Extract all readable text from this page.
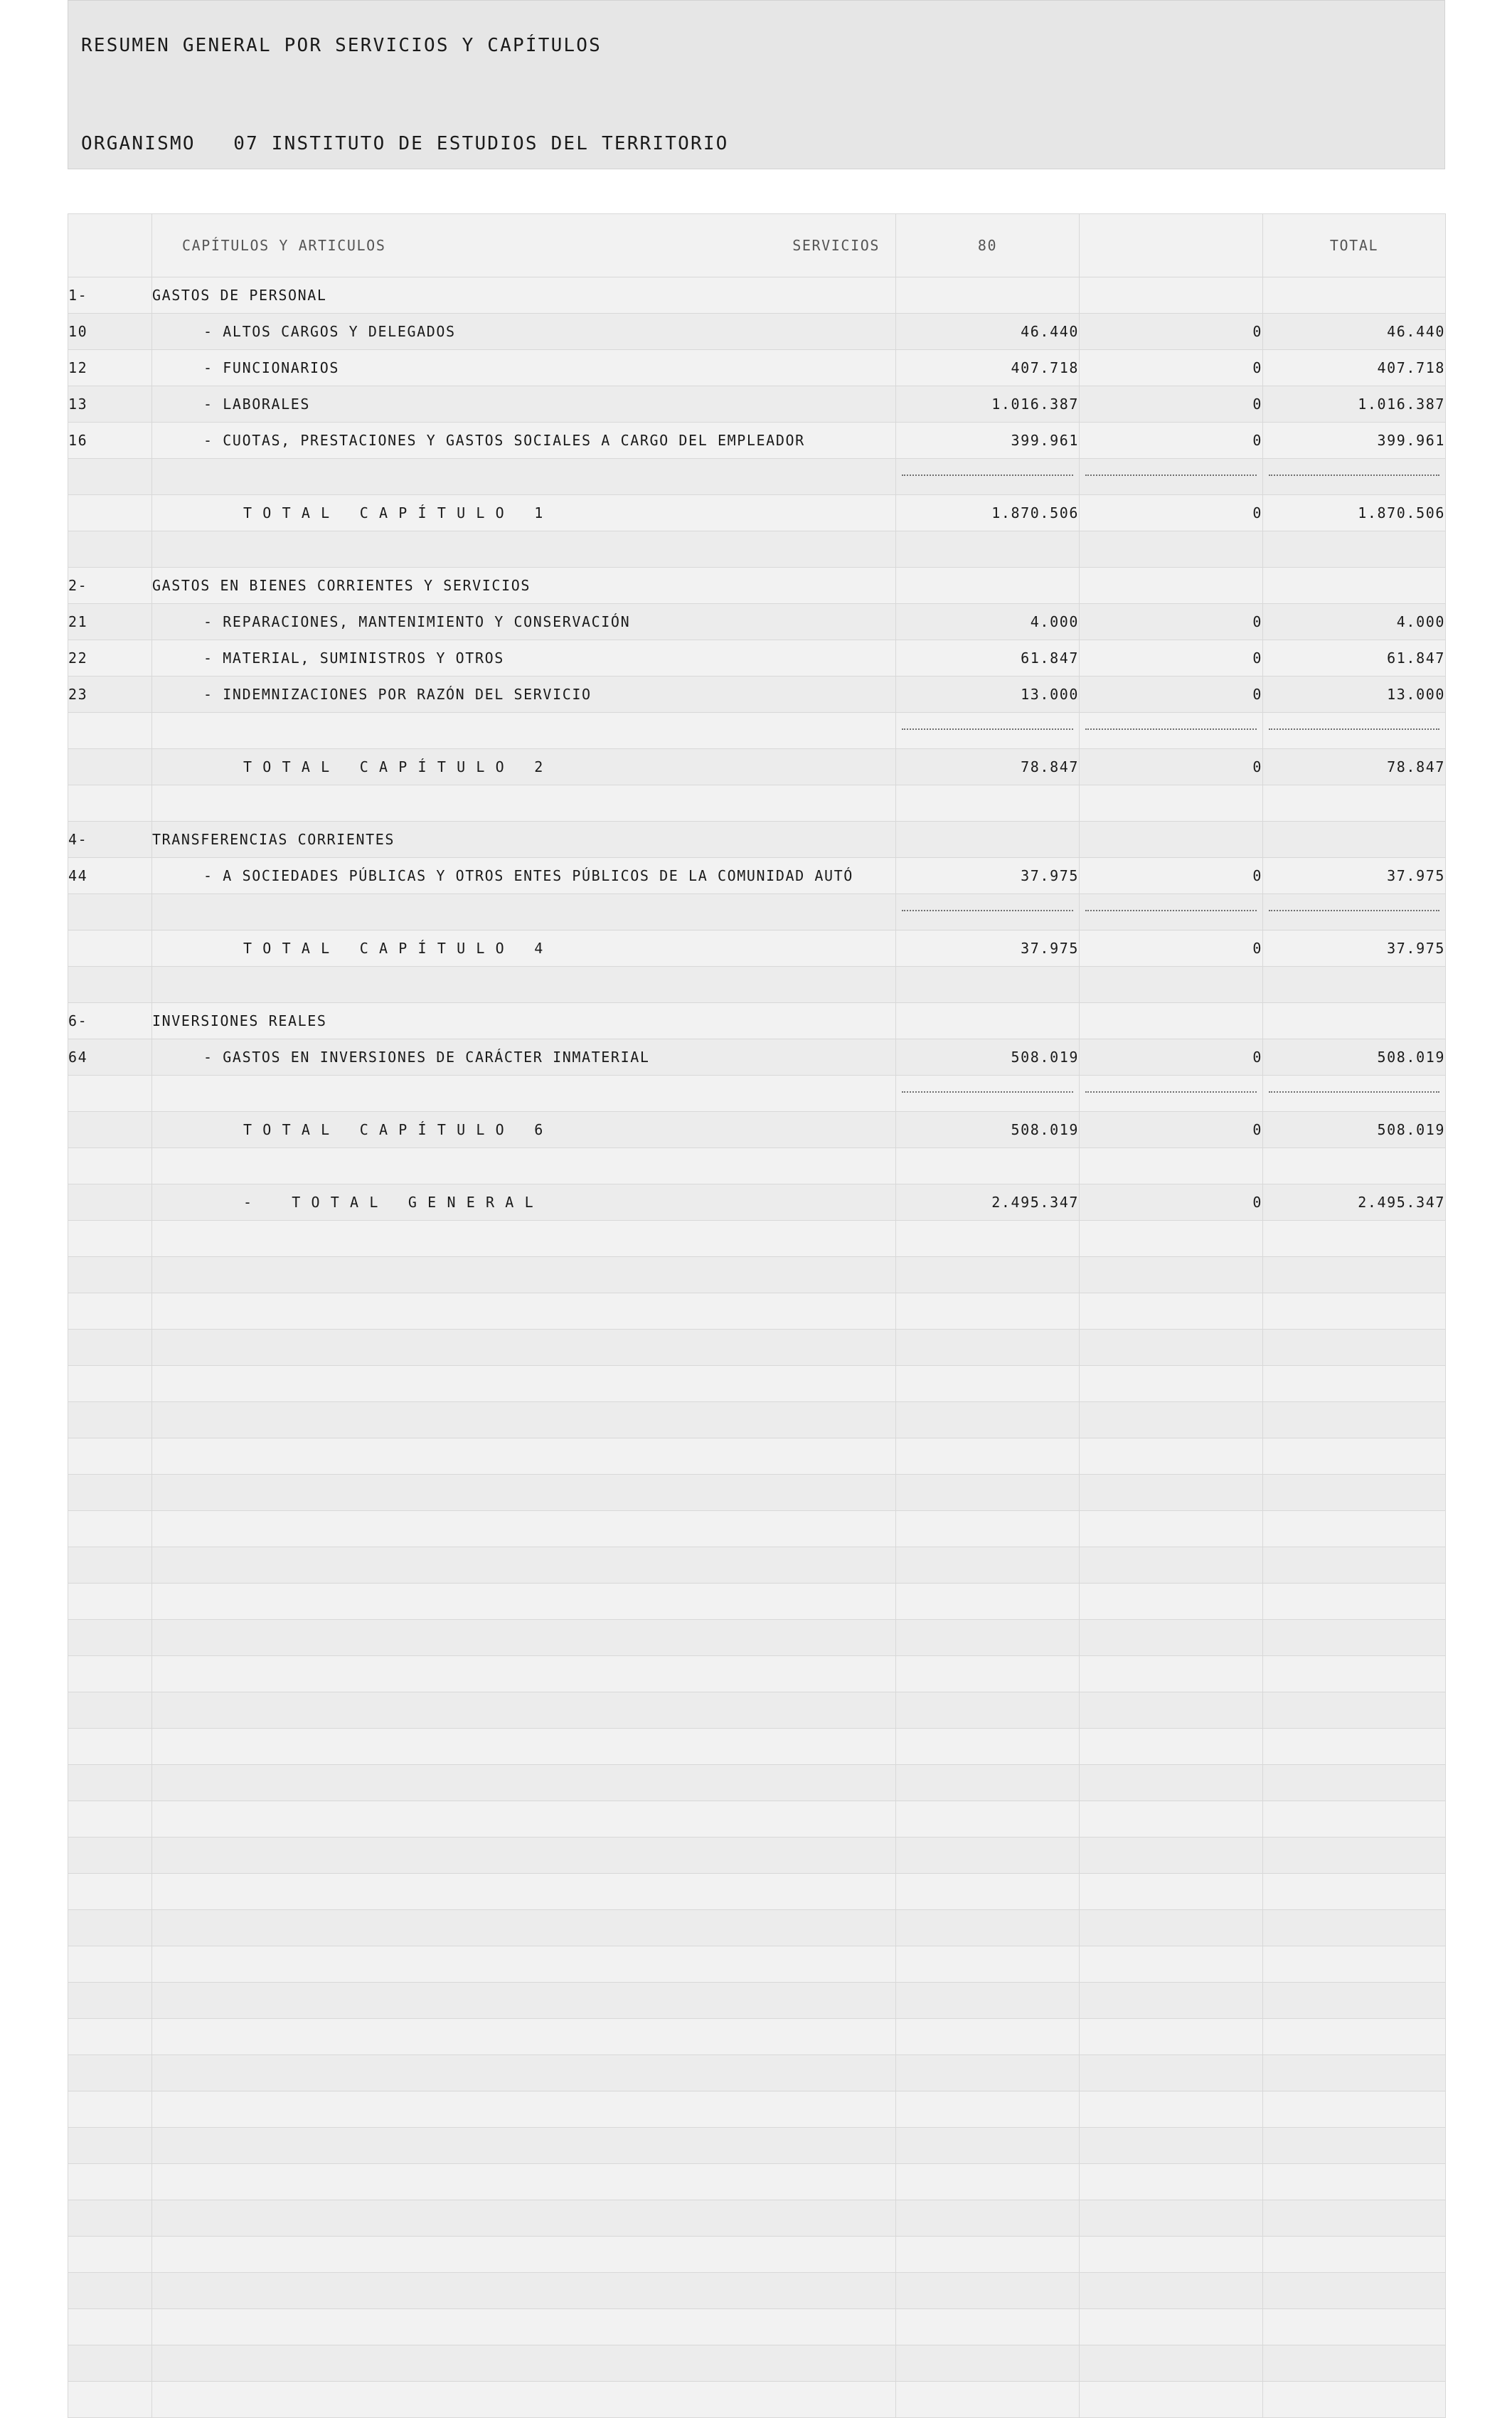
RESUMEN GENERAL POR SERVICIOS Y CAPÍTULOS
ORGANISMO   07 INSTITUTO DE ESTUDIOS DEL TERRITORIO

	CAPÍTULOS Y ARTICULOS SERVICIOS	80		TOTAL
1-	GASTOS DE PERSONAL			
10	- ALTOS CARGOS Y DELEGADOS	46.440	0	46.440
12	- FUNCIONARIOS	407.718	0	407.718
13	- LABORALES	1.016.387	0	1.016.387
16	- CUOTAS, PRESTACIONES Y GASTOS SOCIALES A CARGO DEL EMPLEADOR	399.961	0	399.961

	T O T A L   C A P Í T U L O   1	1.870.506	0	1.870.506

2-	GASTOS EN BIENES CORRIENTES Y SERVICIOS			
21	- REPARACIONES, MANTENIMIENTO Y CONSERVACIÓN	4.000	0	4.000
22	- MATERIAL, SUMINISTROS Y OTROS	61.847	0	61.847
23	- INDEMNIZACIONES POR RAZÓN DEL SERVICIO	13.000	0	13.000

	T O T A L   C A P Í T U L O   2	78.847	0	78.847

4-	TRANSFERENCIAS CORRIENTES			
44	- A SOCIEDADES PÚBLICAS Y OTROS ENTES PÚBLICOS DE LA COMUNIDAD AUTÓ	37.975	0	37.975

	T O T A L   C A P Í T U L O   4	37.975	0	37.975

6-	INVERSIONES REALES			
64	- GASTOS EN INVERSIONES DE CARÁCTER INMATERIAL	508.019	0	508.019

	T O T A L   C A P Í T U L O   6	508.019	0	508.019

	-    T O T A L   G E N E R A L	2.495.347	0	2.495.347
